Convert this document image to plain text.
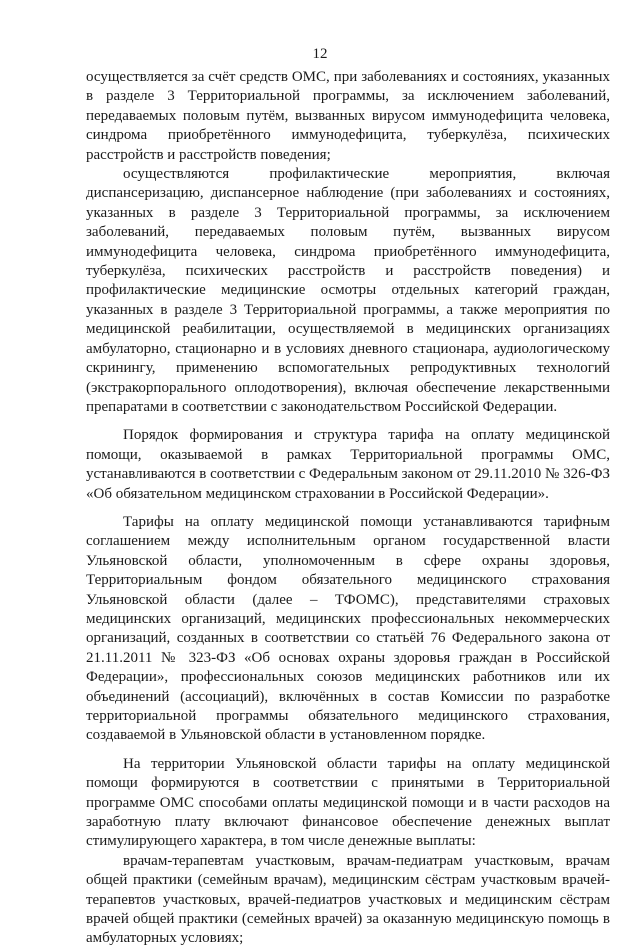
12

осуществляется за счёт средств ОМС, при заболеваниях и состояниях, указанных в разделе 3 Территориальной программы, за исключением заболеваний, передаваемых половым путём, вызванных вирусом иммунодефицита человека, синдрома приобретённого иммунодефицита, туберкулёза, психических расстройств и расстройств поведения;

осуществляются профилактические мероприятия, включая диспансеризацию, диспансерное наблюдение (при заболеваниях и состояниях, указанных в разделе 3 Территориальной программы, за исключением заболеваний, передаваемых половым путём, вызванных вирусом иммунодефицита человека, синдрома приобретённого иммунодефицита, туберкулёза, психических расстройств и расстройств поведения) и профилактические медицинские осмотры отдельных категорий граждан, указанных в разделе 3 Территориальной программы, а также мероприятия по медицинской реабилитации, осуществляемой в медицинских организациях амбулаторно, стационарно и в условиях дневного стационара, аудиологическому скринингу, применению вспомогательных репродуктивных технологий (экстракорпорального оплодотворения), включая обеспечение лекарственными препаратами в соответствии с законодательством Российской Федерации.

Порядок формирования и структура тарифа на оплату медицинской помощи, оказываемой в рамках Территориальной программы ОМС, устанавливаются в соответствии с Федеральным законом от 29.11.2010 № 326-ФЗ «Об обязательном медицинском страховании в Российской Федерации».

Тарифы на оплату медицинской помощи устанавливаются тарифным соглашением между исполнительным органом государственной власти Ульяновской области, уполномоченным в сфере охраны здоровья, Территориальным фондом обязательного медицинского страхования Ульяновской области (далее – ТФОМС), представителями страховых медицинских организаций, медицинских профессиональных некоммерческих организаций, созданных в соответствии со статьёй 76 Федерального закона от 21.11.2011 № 323-ФЗ «Об основах охраны здоровья граждан в Российской Федерации», профессиональных союзов медицинских работников или их объединений (ассоциаций), включённых в состав Комиссии по разработке территориальной программы обязательного медицинского страхования, создаваемой в Ульяновской области в установленном порядке.

На территории Ульяновской области тарифы на оплату медицинской помощи формируются в соответствии с принятыми в Территориальной программе ОМС способами оплаты медицинской помощи и в части расходов на заработную плату включают финансовое обеспечение денежных выплат стимулирующего характера, в том числе денежные выплаты:

врачам-терапевтам участковым, врачам-педиатрам участковым, врачам общей практики (семейным врачам), медицинским сёстрам участковым врачей-терапевтов участковых, врачей-педиатров участковых и медицинским сёстрам врачей общей практики (семейных врачей) за оказанную медицинскую помощь в амбулаторных условиях;
